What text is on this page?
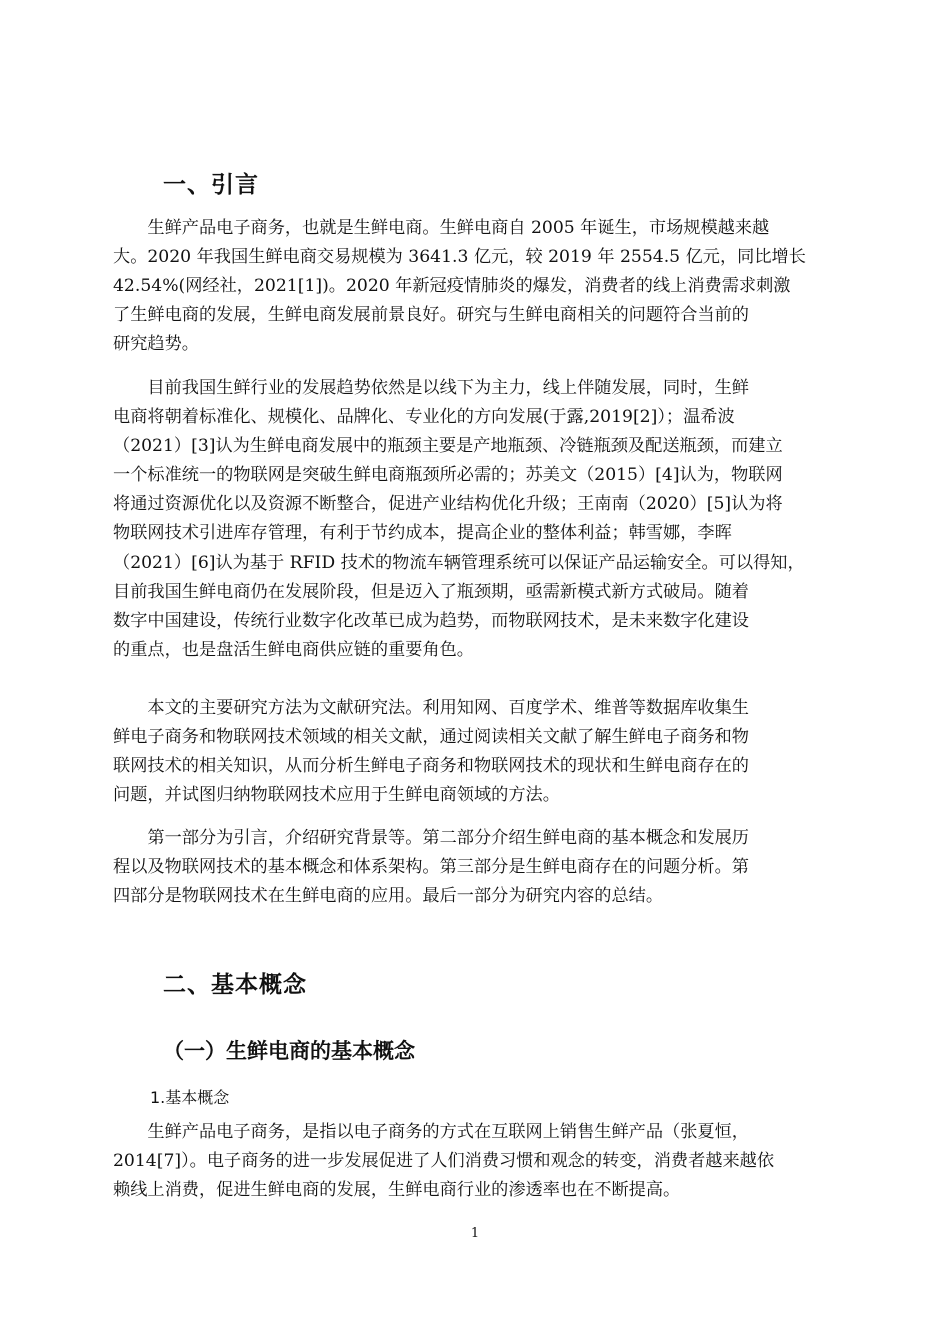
一、引言
生鲜产品电子商务，也就是生鲜电商。生鲜电商自 2005 年诞生，市场规模越来越
大。2020 年我国生鲜电商交易规模为 3641.3 亿元，较 2019 年 2554.5 亿元，同比增长
42.54%(网经社，2021[1])。2020 年新冠疫情肺炎的爆发，消费者的线上消费需求刺激
了生鲜电商的发展，生鲜电商发展前景良好。研究与生鲜电商相关的问题符合当前的
研究趋势。
目前我国生鲜行业的发展趋势依然是以线下为主力，线上伴随发展，同时，生鲜
电商将朝着标准化、规模化、品牌化、专业化的方向发展(于露,2019[2]）；温希波
（2021）[3]认为生鲜电商发展中的瓶颈主要是产地瓶颈、冷链瓶颈及配送瓶颈，而建立
一个标准统一的物联网是突破生鲜电商瓶颈所必需的；苏美文（2015）[4]认为，物联网
将通过资源优化以及资源不断整合，促进产业结构优化升级；王南南（2020）[5]认为将
物联网技术引进库存管理，有利于节约成本，提高企业的整体利益；韩雪娜，李晖
（2021）[6]认为基于 RFID 技术的物流车辆管理系统可以保证产品运输安全。可以得知，
目前我国生鲜电商仍在发展阶段，但是迈入了瓶颈期，亟需新模式新方式破局。随着
数字中国建设，传统行业数字化改革已成为趋势，而物联网技术，是未来数字化建设
的重点，也是盘活生鲜电商供应链的重要角色。
本文的主要研究方法为文献研究法。利用知网、百度学术、维普等数据库收集生
鲜电子商务和物联网技术领域的相关文献，通过阅读相关文献了解生鲜电子商务和物
联网技术的相关知识，从而分析生鲜电子商务和物联网技术的现状和生鲜电商存在的
问题，并试图归纳物联网技术应用于生鲜电商领域的方法。
第一部分为引言，介绍研究背景等。第二部分介绍生鲜电商的基本概念和发展历
程以及物联网技术的基本概念和体系架构。第三部分是生鲜电商存在的问题分析。第
四部分是物联网技术在生鲜电商的应用。最后一部分为研究内容的总结。
二、基本概念
（一）生鲜电商的基本概念
1.基本概念
生鲜产品电子商务，是指以电子商务的方式在互联网上销售生鲜产品（张夏恒，
2014[7]）。电子商务的进一步发展促进了人们消费习惯和观念的转变，消费者越来越依
赖线上消费，促进生鲜电商的发展，生鲜电商行业的渗透率也在不断提高。
1
